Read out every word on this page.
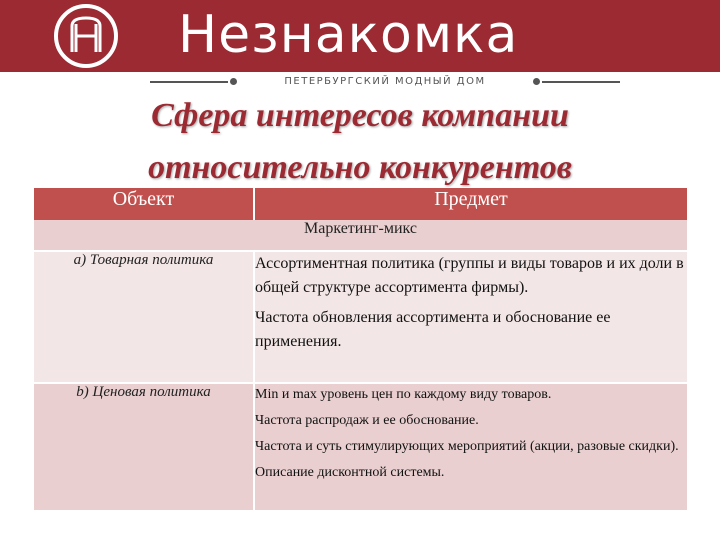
Незнакомка
ПЕТЕРБУРГСКИЙ МОДНЫЙ ДОМ
Сфера интересов компании
относительно конкурентов
Объект	Предмет
Маркетинг-микс	
a) Товарная политика	Ассортиментная политика (группы и виды товаров и их доли в общей структуре ассортимента фирмы).

Частота обновления ассортимента и обоснование ее применения.

b) Ценовая политика	Min и max уровень цен по каждому виду товаров.

Частота распродаж и ее обоснование.

Частота и суть стимулирующих мероприятий (акции, разовые скидки).

Описание дисконтной системы.
